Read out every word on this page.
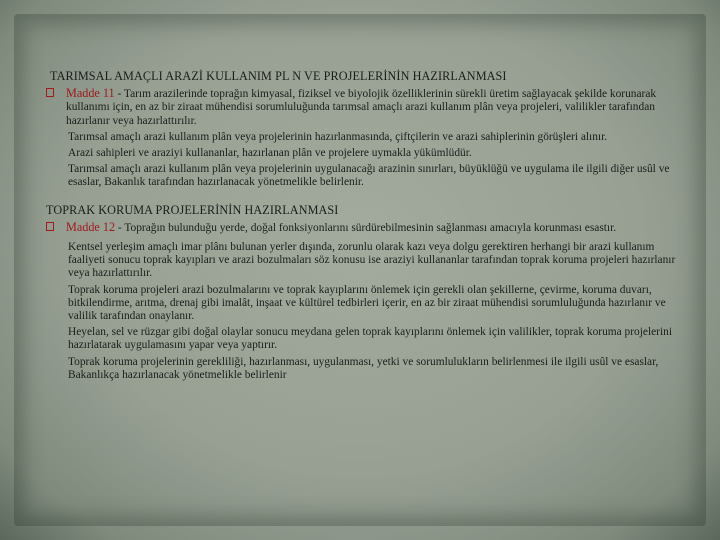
TARIMSAL AMAÇLI ARAZİ KULLANIM PL N VE PROJELERİNİN HAZIRLANMASI
Madde 11 - Tarım arazilerinde toprağın kimyasal, fiziksel ve biyolojik özelliklerinin sürekli üretim sağlayacak şekilde korunarak kullanımı için, en az bir ziraat mühendisi sorumluluğunda tarımsal amaçlı arazi kullanım plân veya projeleri, valilikler tarafından hazırlanır veya hazırlattırılır.
Tarımsal amaçlı arazi kullanım plân veya projelerinin hazırlanmasında, çiftçilerin ve arazi sahiplerinin görüşleri alınır.
Arazi sahipleri ve araziyi kullananlar, hazırlanan plân ve projelere uymakla yükümlüdür.
Tarımsal amaçlı arazi kullanım plân veya projelerinin uygulanacağı arazinin sınırları, büyüklüğü ve uygulama ile ilgili diğer usûl ve esaslar, Bakanlık tarafından hazırlanacak yönetmelikle belirlenir.
TOPRAK KORUMA PROJELERİNİN HAZIRLANMASI
Madde 12 - Toprağın bulunduğu yerde, doğal fonksiyonlarını sürdürebilmesinin sağlanması amacıyla korunması esastır.
Kentsel yerleşim amaçlı imar plânı bulunan yerler dışında, zorunlu olarak kazı veya dolgu gerektiren herhangi bir arazi kullanım faaliyeti sonucu toprak kayıpları ve arazi bozulmaları söz konusu ise araziyi kullananlar tarafından toprak koruma projeleri hazırlanır veya hazırlattırılır.
Toprak koruma projeleri arazi bozulmalarını ve toprak kayıplarını önlemek için gerekli olan şekillerne, çevirme, koruma duvarı, bitkilendirme, arıtma, drenaj gibi imalât, inşaat ve kültürel tedbirleri içerir, en az bir ziraat mühendisi sorumluluğunda hazırlanır ve valilik tarafından onaylanır.
Heyelan, sel ve rüzgar gibi doğal olaylar sonucu meydana gelen toprak kayıplarını önlemek için valilikler, toprak koruma projelerini hazırlatarak uygulamasını yapar veya yaptırır.
Toprak koruma projelerinin gerekliliği, hazırlanması, uygulanması, yetki ve sorumlulukların belirlenmesi ile ilgili usûl ve esaslar, Bakanlıkça hazırlanacak yönetmelikle belirlenir
